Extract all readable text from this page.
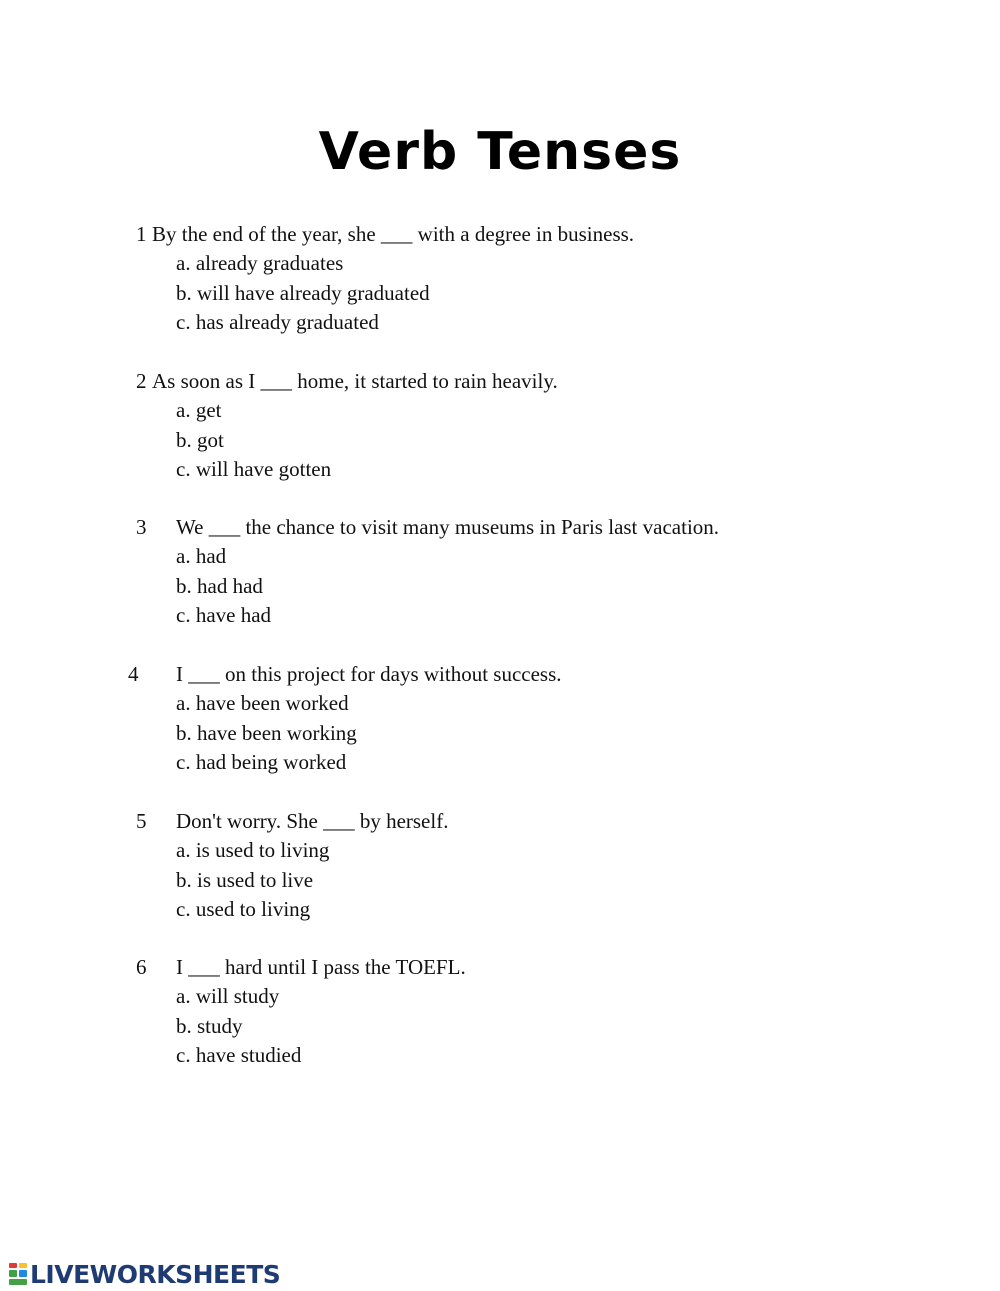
Verb Tenses
1 By the end of the year, she ___ with a degree in business.
a. already graduates
b. will have already graduated
c. has already graduated
2 As soon as I ___ home, it started to rain heavily.
a. get
b. got
c. will have gotten
3 We ___ the chance to visit many museums in Paris last vacation.
a. had
b. had had
c. have had
4 I ___ on this project for days without success.
a. have been worked
b. have been working
c. had being worked
5 Don't worry. She ___ by herself.
a. is used to living
b. is used to live
c. used to living
6 I ___ hard until I pass the TOEFL.
a. will study
b. study
c. have studied
LIVEWORKSHEETS
